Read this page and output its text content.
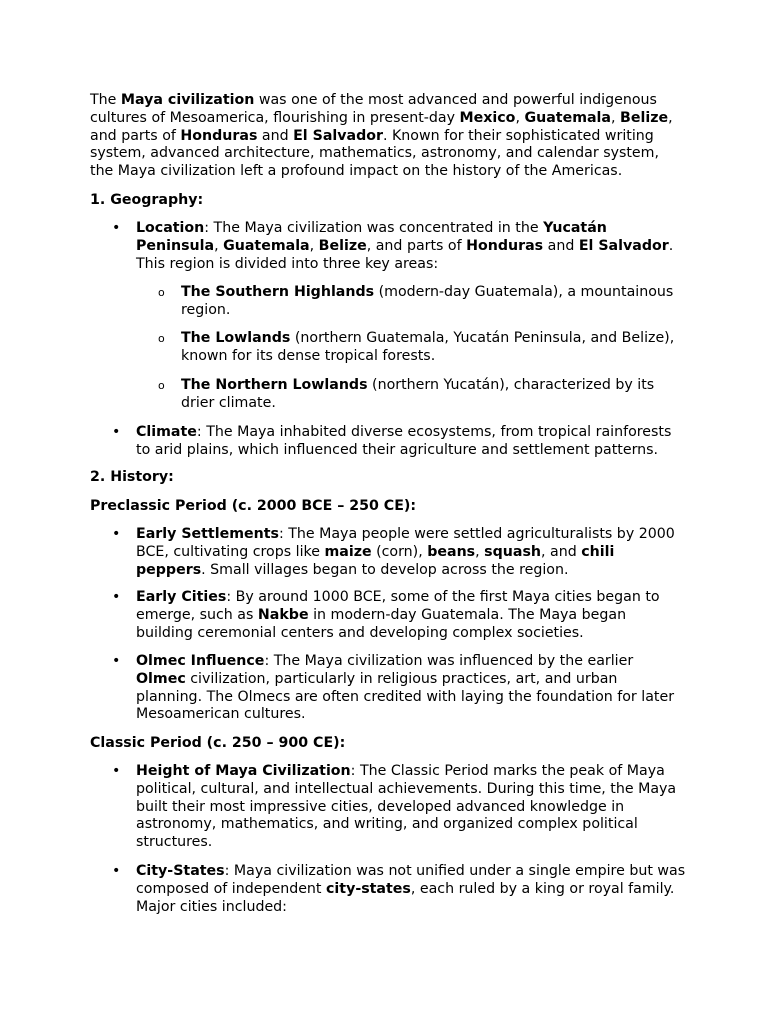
The Maya civilization was one of the most advanced and powerful indigenous cultures of Mesoamerica, flourishing in present-day Mexico, Guatemala, Belize, and parts of Honduras and El Salvador. Known for their sophisticated writing system, advanced architecture, mathematics, astronomy, and calendar system, the Maya civilization left a profound impact on the history of the Americas.

1. Geography:

•	Location: The Maya civilization was concentrated in the Yucatán Peninsula, Guatemala, Belize, and parts of Honduras and El Salvador. This region is divided into three key areas:
o The Southern Highlands (modern-day Guatemala), a mountainous region.
o The Lowlands (northern Guatemala, Yucatán Peninsula, and Belize), known for its dense tropical forests.
o The Northern Lowlands (northern Yucatán), characterized by its drier climate.
•	Climate: The Maya inhabited diverse ecosystems, from tropical rainforests to arid plains, which influenced their agriculture and settlement patterns.

2. History:

Preclassic Period (c. 2000 BCE – 250 CE):

•	Early Settlements: The Maya people were settled agriculturalists by 2000 BCE, cultivating crops like maize (corn), beans, squash, and chili peppers. Small villages began to develop across the region.
•	Early Cities: By around 1000 BCE, some of the first Maya cities began to emerge, such as Nakbe in modern-day Guatemala. The Maya began building ceremonial centers and developing complex societies.
•	Olmec Influence: The Maya civilization was influenced by the earlier Olmec civilization, particularly in religious practices, art, and urban planning. The Olmecs are often credited with laying the foundation for later Mesoamerican cultures.

Classic Period (c. 250 – 900 CE):

•	Height of Maya Civilization: The Classic Period marks the peak of Maya political, cultural, and intellectual achievements. During this time, the Maya built their most impressive cities, developed advanced knowledge in astronomy, mathematics, and writing, and organized complex political structures.
•	City-States: Maya civilization was not unified under a single empire but was composed of independent city-states, each ruled by a king or royal family. Major cities included:
